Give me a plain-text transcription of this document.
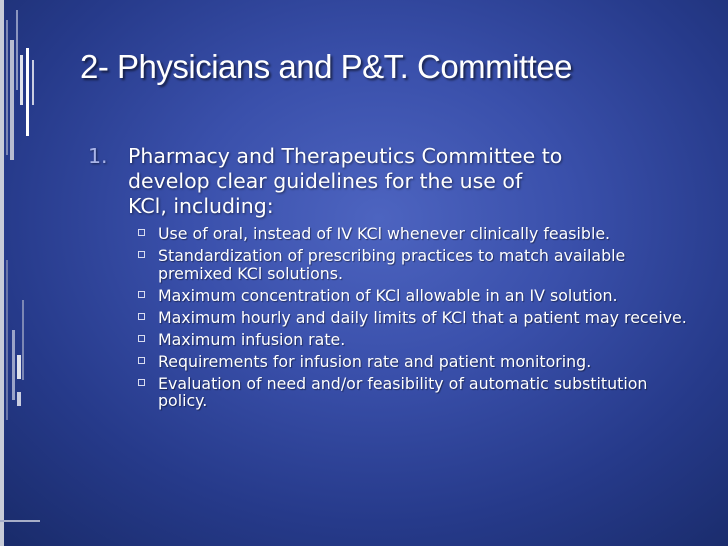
2- Physicians and P&T. Committee
1. Pharmacy and Therapeutics Committee to
develop clear guidelines for the use of
KCl, including:
Use of oral, instead of IV KCl whenever clinically feasible.
Standardization of prescribing practices to match available premixed KCl solutions.
Maximum concentration of KCl allowable in an IV solution.
Maximum hourly and daily limits of KCl that a patient may receive.
Maximum infusion rate.
Requirements for infusion rate and patient monitoring.
Evaluation of need and/or feasibility of automatic substitution policy.
